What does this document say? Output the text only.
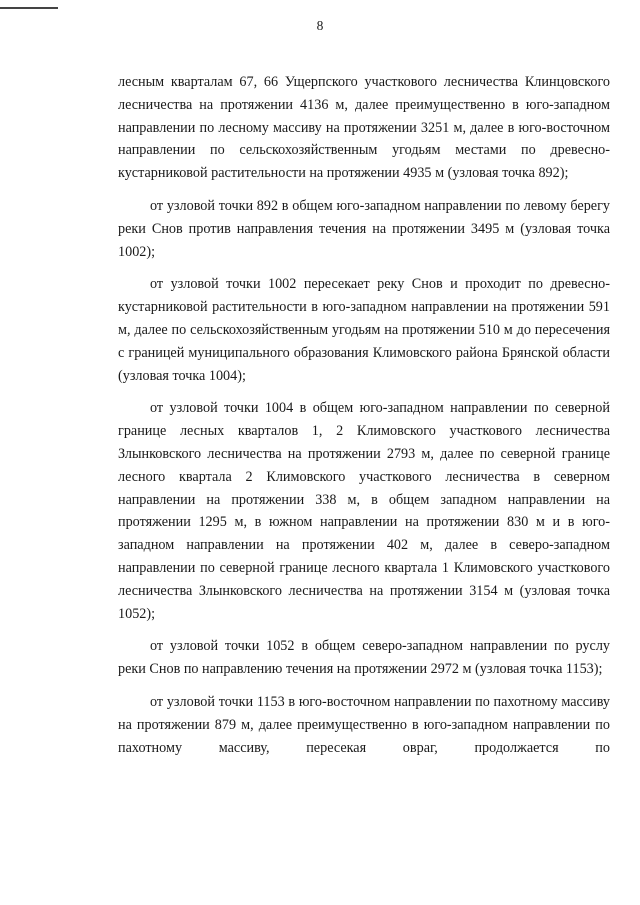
8

лесным кварталам 67, 66 Ущерпского участкового лесничества Клинцовского лесничества на протяжении 4136 м, далее преимущественно в юго-западном направлении по лесному массиву на протяжении 3251 м, далее в юго-восточном направлении по сельскохозяйственным угодьям местами по древесно-кустарниковой растительности на протяжении 4935 м (узловая точка 892);

от узловой точки 892 в общем юго-западном направлении по левому берегу реки Снов против направления течения на протяжении 3495 м (узловая точка 1002);

от узловой точки 1002 пересекает реку Снов и проходит по древесно-кустарниковой растительности в юго-западном направлении на протяжении 591 м, далее по сельскохозяйственным угодьям на протяжении 510 м до пересечения с границей муниципального образования Климовского района Брянской области (узловая точка 1004);

от узловой точки 1004 в общем юго-западном направлении по северной границе лесных кварталов 1, 2 Климовского участкового лесничества Злынковского лесничества на протяжении 2793 м, далее по северной границе лесного квартала 2 Климовского участкового лесничества в северном направлении на протяжении 338 м, в общем западном направлении на протяжении 1295 м, в южном направлении на протяжении 830 м и в юго-западном направлении на протяжении 402 м, далее в северо-западном направлении по северной границе лесного квартала 1 Климовского участкового лесничества Злынковского лесничества на протяжении 3154 м (узловая точка 1052);

от узловой точки 1052 в общем северо-западном направлении по руслу реки Снов по направлению течения на протяжении 2972 м (узловая точка 1153);

от узловой точки 1153 в юго-восточном направлении по пахотному массиву на протяжении 879 м, далее преимущественно в юго-западном направлении по пахотному массиву, пересекая овраг, продолжается по
